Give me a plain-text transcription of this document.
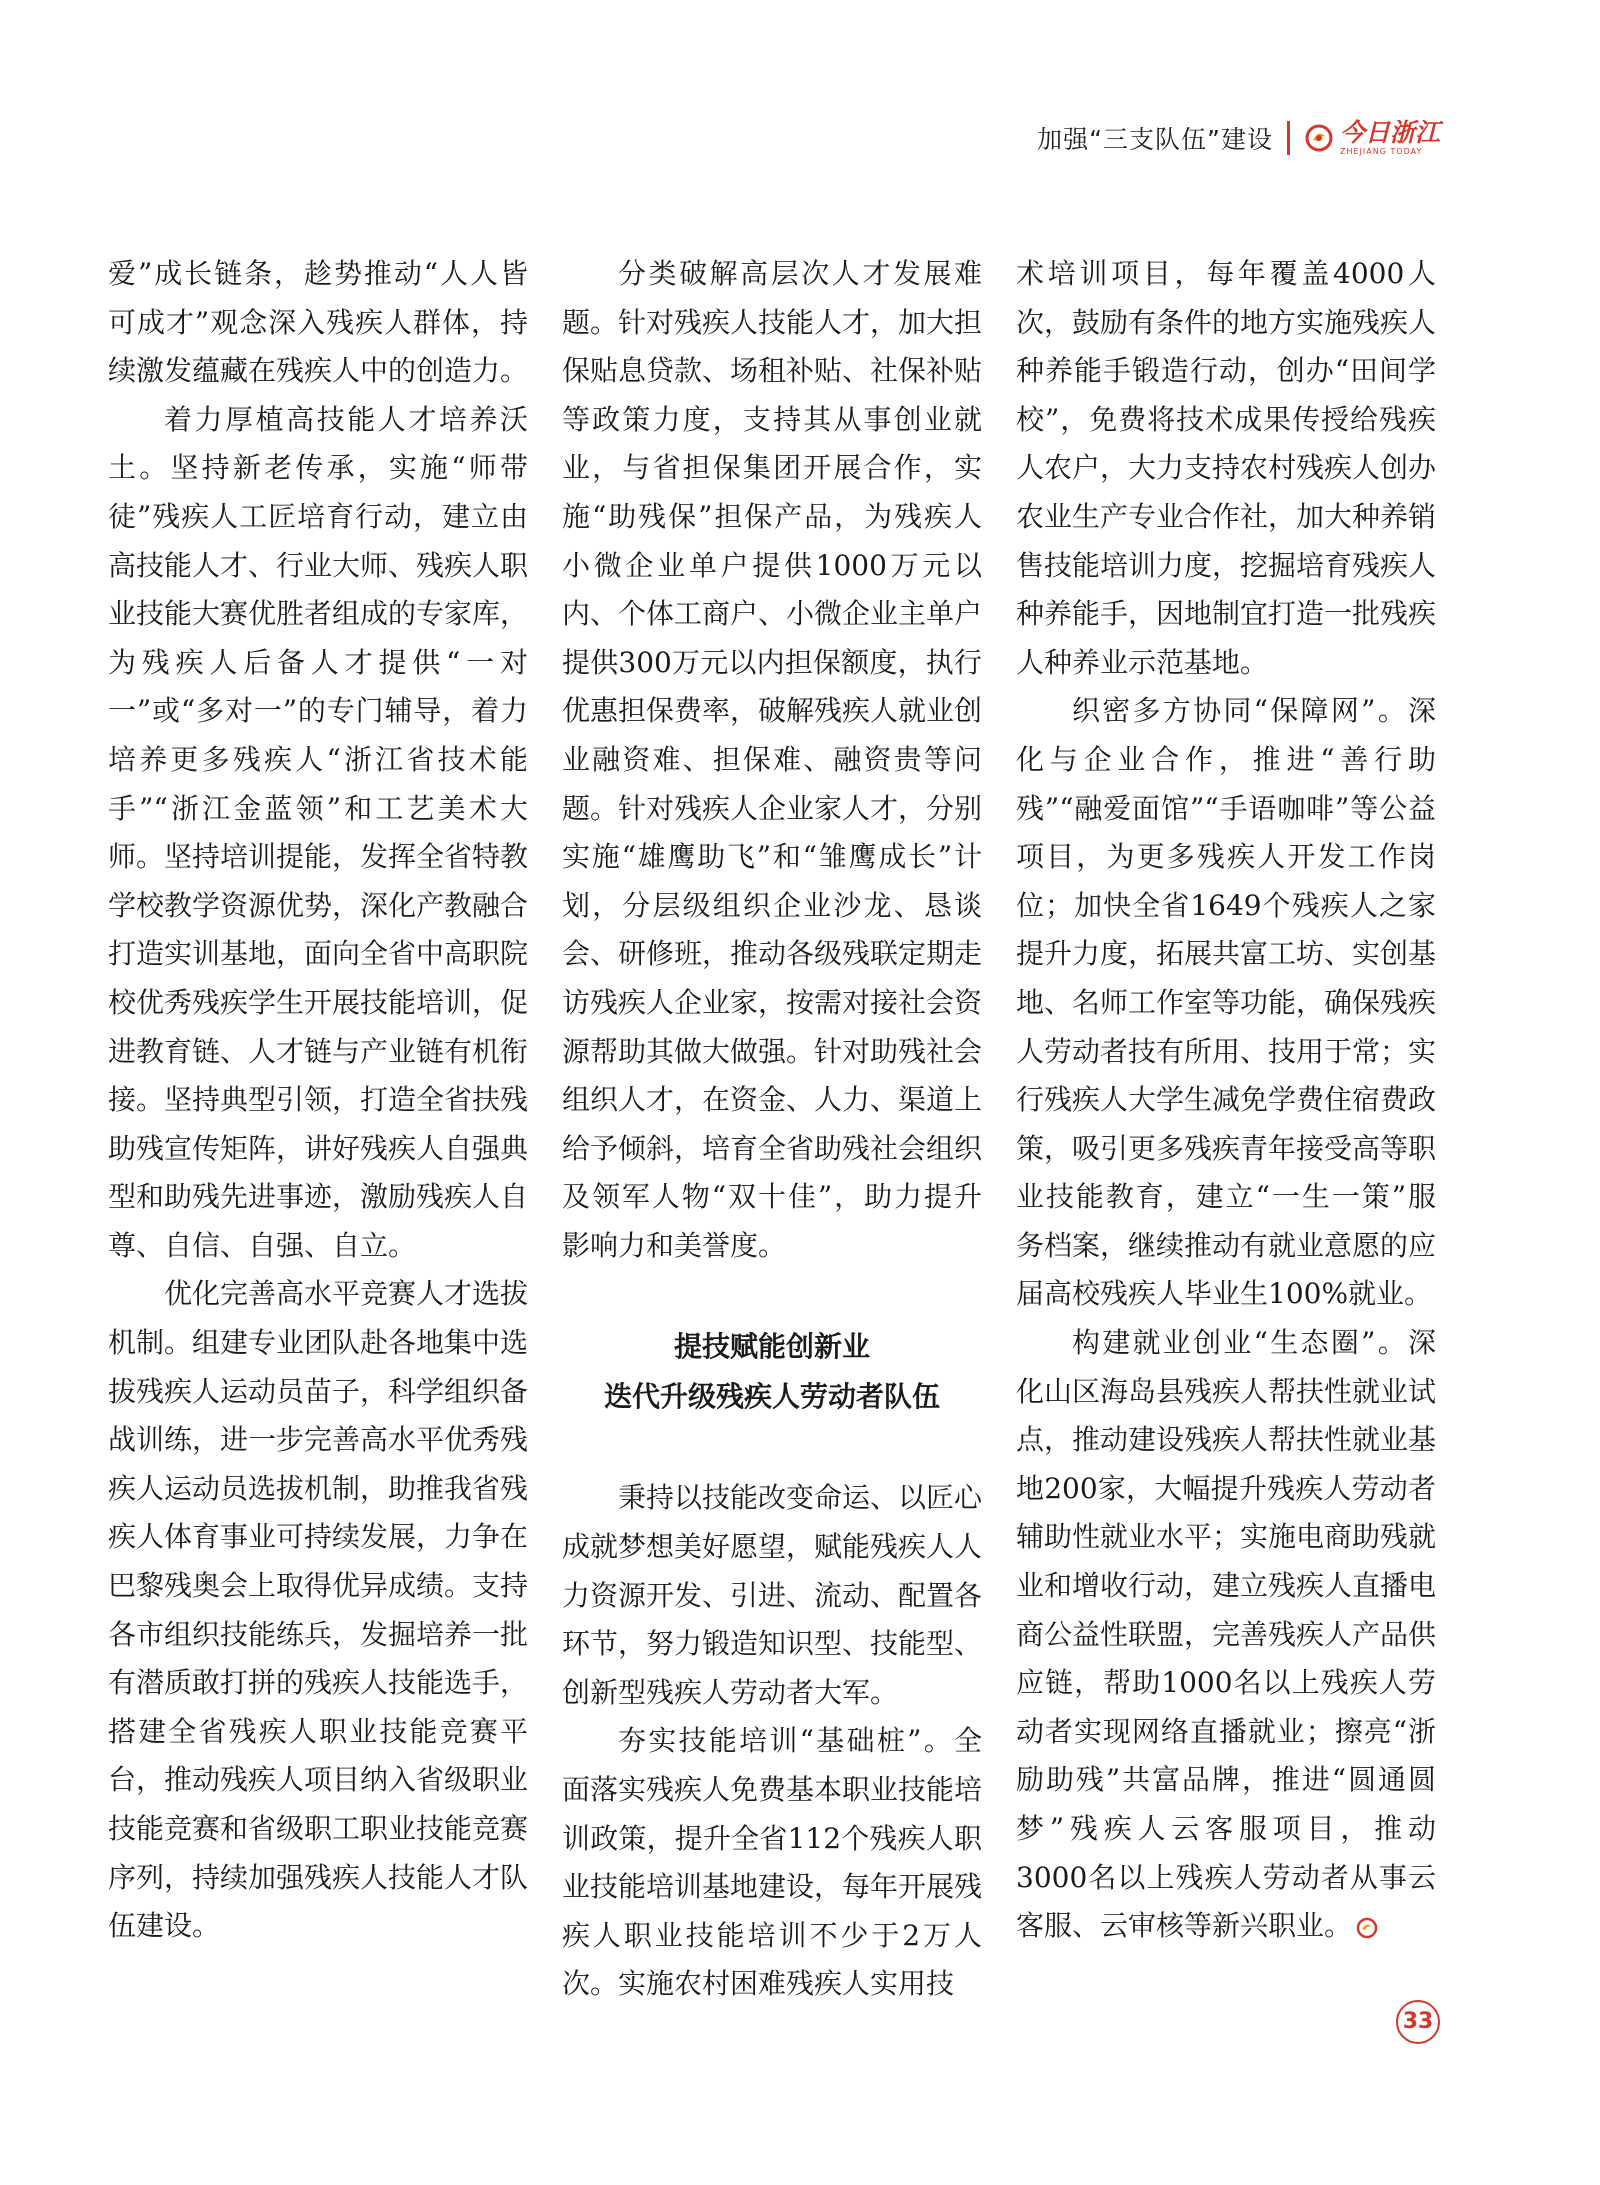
加强“三支队伍”建设	今日浙江
ZHEJIANG TODAY

爱”成长链条，趁势推动“人人皆可成才”观念深入残疾人群体，持续激发蕴藏在残疾人中的创造力。

着力厚植高技能人才培养沃土。坚持新老传承，实施“师带徒”残疾人工匠培育行动，建立由高技能人才、行业大师、残疾人职业技能大赛优胜者组成的专家库，为残疾人后备人才提供“一对一”或“多对一”的专门辅导，着力培养更多残疾人“浙江省技术能手”“浙江金蓝领”和工艺美术大师。坚持培训提能，发挥全省特教学校教学资源优势，深化产教融合打造实训基地，面向全省中高职院校优秀残疾学生开展技能培训，促进教育链、人才链与产业链有机衔接。坚持典型引领，打造全省扶残助残宣传矩阵，讲好残疾人自强典型和助残先进事迹，激励残疾人自尊、自信、自强、自立。

优化完善高水平竞赛人才选拔机制。组建专业团队赴各地集中选拔残疾人运动员苗子，科学组织备战训练，进一步完善高水平优秀残疾人运动员选拔机制，助推我省残疾人体育事业可持续发展，力争在巴黎残奥会上取得优异成绩。支持各市组织技能练兵，发掘培养一批有潜质敢打拼的残疾人技能选手，搭建全省残疾人职业技能竞赛平台，推动残疾人项目纳入省级职业技能竞赛和省级职工职业技能竞赛序列，持续加强残疾人技能人才队伍建设。

分类破解高层次人才发展难题。针对残疾人技能人才，加大担保贴息贷款、场租补贴、社保补贴等政策力度，支持其从事创业就业，与省担保集团开展合作，实施“助残保”担保产品，为残疾人小微企业单户提供1000万元以内、个体工商户、小微企业主单户提供300万元以内担保额度，执行优惠担保费率，破解残疾人就业创业融资难、担保难、融资贵等问题。针对残疾人企业家人才，分别实施“雄鹰助飞”和“雏鹰成长”计划，分层级组织企业沙龙、恳谈会、研修班，推动各级残联定期走访残疾人企业家，按需对接社会资源帮助其做大做强。针对助残社会组织人才，在资金、人力、渠道上给予倾斜，培育全省助残社会组织及领军人物“双十佳”，助力提升影响力和美誉度。

提技赋能创新业
迭代升级残疾人劳动者队伍

秉持以技能改变命运、以匠心成就梦想美好愿望，赋能残疾人人力资源开发、引进、流动、配置各环节，努力锻造知识型、技能型、创新型残疾人劳动者大军。

夯实技能培训“基础桩”。全面落实残疾人免费基本职业技能培训政策，提升全省112个残疾人职业技能培训基地建设，每年开展残疾人职业技能培训不少于2万人次。实施农村困难残疾人实用技

术培训项目，每年覆盖4000人次，鼓励有条件的地方实施残疾人种养能手锻造行动，创办“田间学校”，免费将技术成果传授给残疾人农户，大力支持农村残疾人创办农业生产专业合作社，加大种养销售技能培训力度，挖掘培育残疾人种养能手，因地制宜打造一批残疾人种养业示范基地。

织密多方协同“保障网”。深化与企业合作，推进“善行助残”“融爱面馆”“手语咖啡”等公益项目，为更多残疾人开发工作岗位；加快全省1649个残疾人之家提升力度，拓展共富工坊、实创基地、名师工作室等功能，确保残疾人劳动者技有所用、技用于常；实行残疾人大学生减免学费住宿费政策，吸引更多残疾青年接受高等职业技能教育，建立“一生一策”服务档案，继续推动有就业意愿的应届高校残疾人毕业生100%就业。

构建就业创业“生态圈”。深化山区海岛县残疾人帮扶性就业试点，推动建设残疾人帮扶性就业基地200家，大幅提升残疾人劳动者辅助性就业水平；实施电商助残就业和增收行动，建立残疾人直播电商公益性联盟，完善残疾人产品供应链，帮助1000名以上残疾人劳动者实现网络直播就业；擦亮“浙励助残”共富品牌，推进“圆通圆梦”残疾人云客服项目，推动3000名以上残疾人劳动者从事云客服、云审核等新兴职业。

33
